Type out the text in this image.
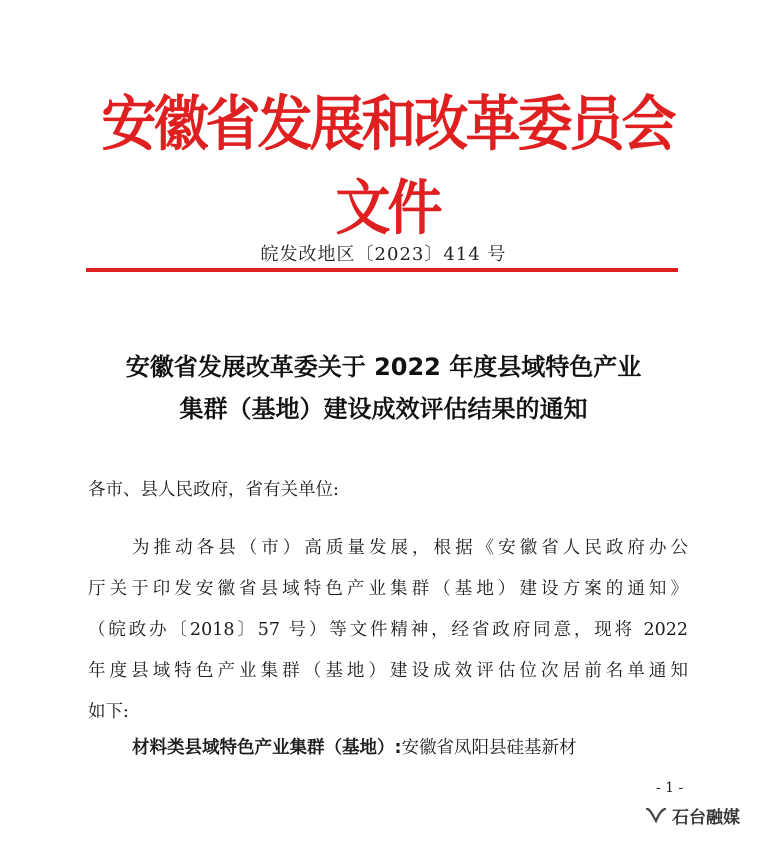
安徽省发展和改革委员会文件
皖发改地区〔2023〕414 号
安徽省发展改革委关于 2022 年度县域特色产业
集群（基地）建设成效评估结果的通知
各市、县人民政府，省有关单位:
为推动各县（市）高质量发展，根据《安徽省人民政府办公
厅关于印发安徽省县域特色产业集群（基地）建设方案的通知》
（皖政办〔2018〕57 号）等文件精神，经省政府同意，现将 2022
年度县域特色产业集群（基地）建设成效评估位次居前名单通知
如下:
材料类县域特色产业集群（基地）:安徽省凤阳县硅基新材
- 1 -
石台融媒
